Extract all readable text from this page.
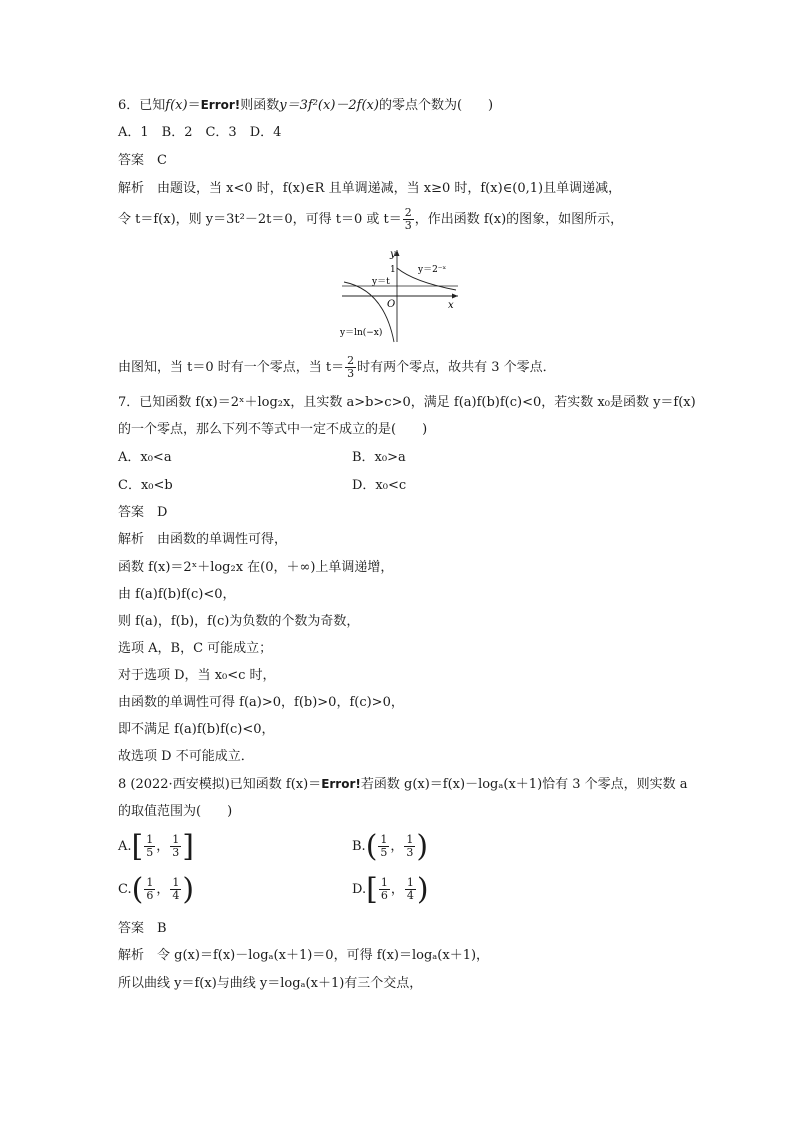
6．已知f(x)＝Error!则函数y＝3f²(x)－2f(x)的零点个数为(　　)
A．1　B．2　C．3　D．4
答案　C
解析　由题设，当 x<0 时，f(x)∈R 且单调递减，当 x≥0 时，f(x)∈(0,1)且单调递减，
令 t＝f(x)，则 y＝3t²－2t＝0，可得 t＝0 或 $t= \frac{2}{3}$ ，作出函数 f(x)的图象，如图所示，
y
x
O
1 y＝2⁻ˣ
y＝t
y＝ln(−x)
由图知，当 t＝0 时有一个零点，当 $t= \frac{2}{3}$ 时有两个零点，故共有 3 个零点．
7．已知函数 f(x)＝2ˣ＋log₂x，且实数 a>b>c>0，满足 f(a)f(b)f(c)<0，若实数 x₀是函数 y＝f(x)
的一个零点，那么下列不等式中一定不成立的是(　　)
A．x₀<a	B．x₀>a
C．x₀<b	D．x₀<c
答案　D
解析　由函数的单调性可得，
函数 f(x)＝2ˣ＋log₂x 在(0，＋∞)上单调递增，
由 f(a)f(b)f(c)<0，
则 f(a)，f(b)，f(c)为负数的个数为奇数，
选项 A，B，C 可能成立；
对于选项 D，当 x₀<c 时，
由函数的单调性可得 f(a)>0，f(b)>0，f(c)>0，
即不满足 f(a)f(b)f(c)<0，
故选项 D 不可能成立．
8 (2022·西安模拟)已知函数 f(x)＝Error!若函数 g(x)＝f(x)－logₐ(x＋1)恰有 3 个零点，则实数 a
的取值范围为(　　)
$A.[ \frac{1}{5}$ ， $\frac{1}{3}$ ]	$B.( \frac{1}{5}$ ， $\frac{1}{3}$ )
$C.( \frac{1}{6}$ ， $\frac{1}{4}$ )	$D.[ \frac{1}{6}$ ， $\frac{1}{4}$ )
答案　B
解析　令 g(x)＝f(x)－logₐ(x＋1)＝0，可得 f(x)＝logₐ(x＋1)，
所以曲线 y＝f(x)与曲线 y＝logₐ(x＋1)有三个交点，
